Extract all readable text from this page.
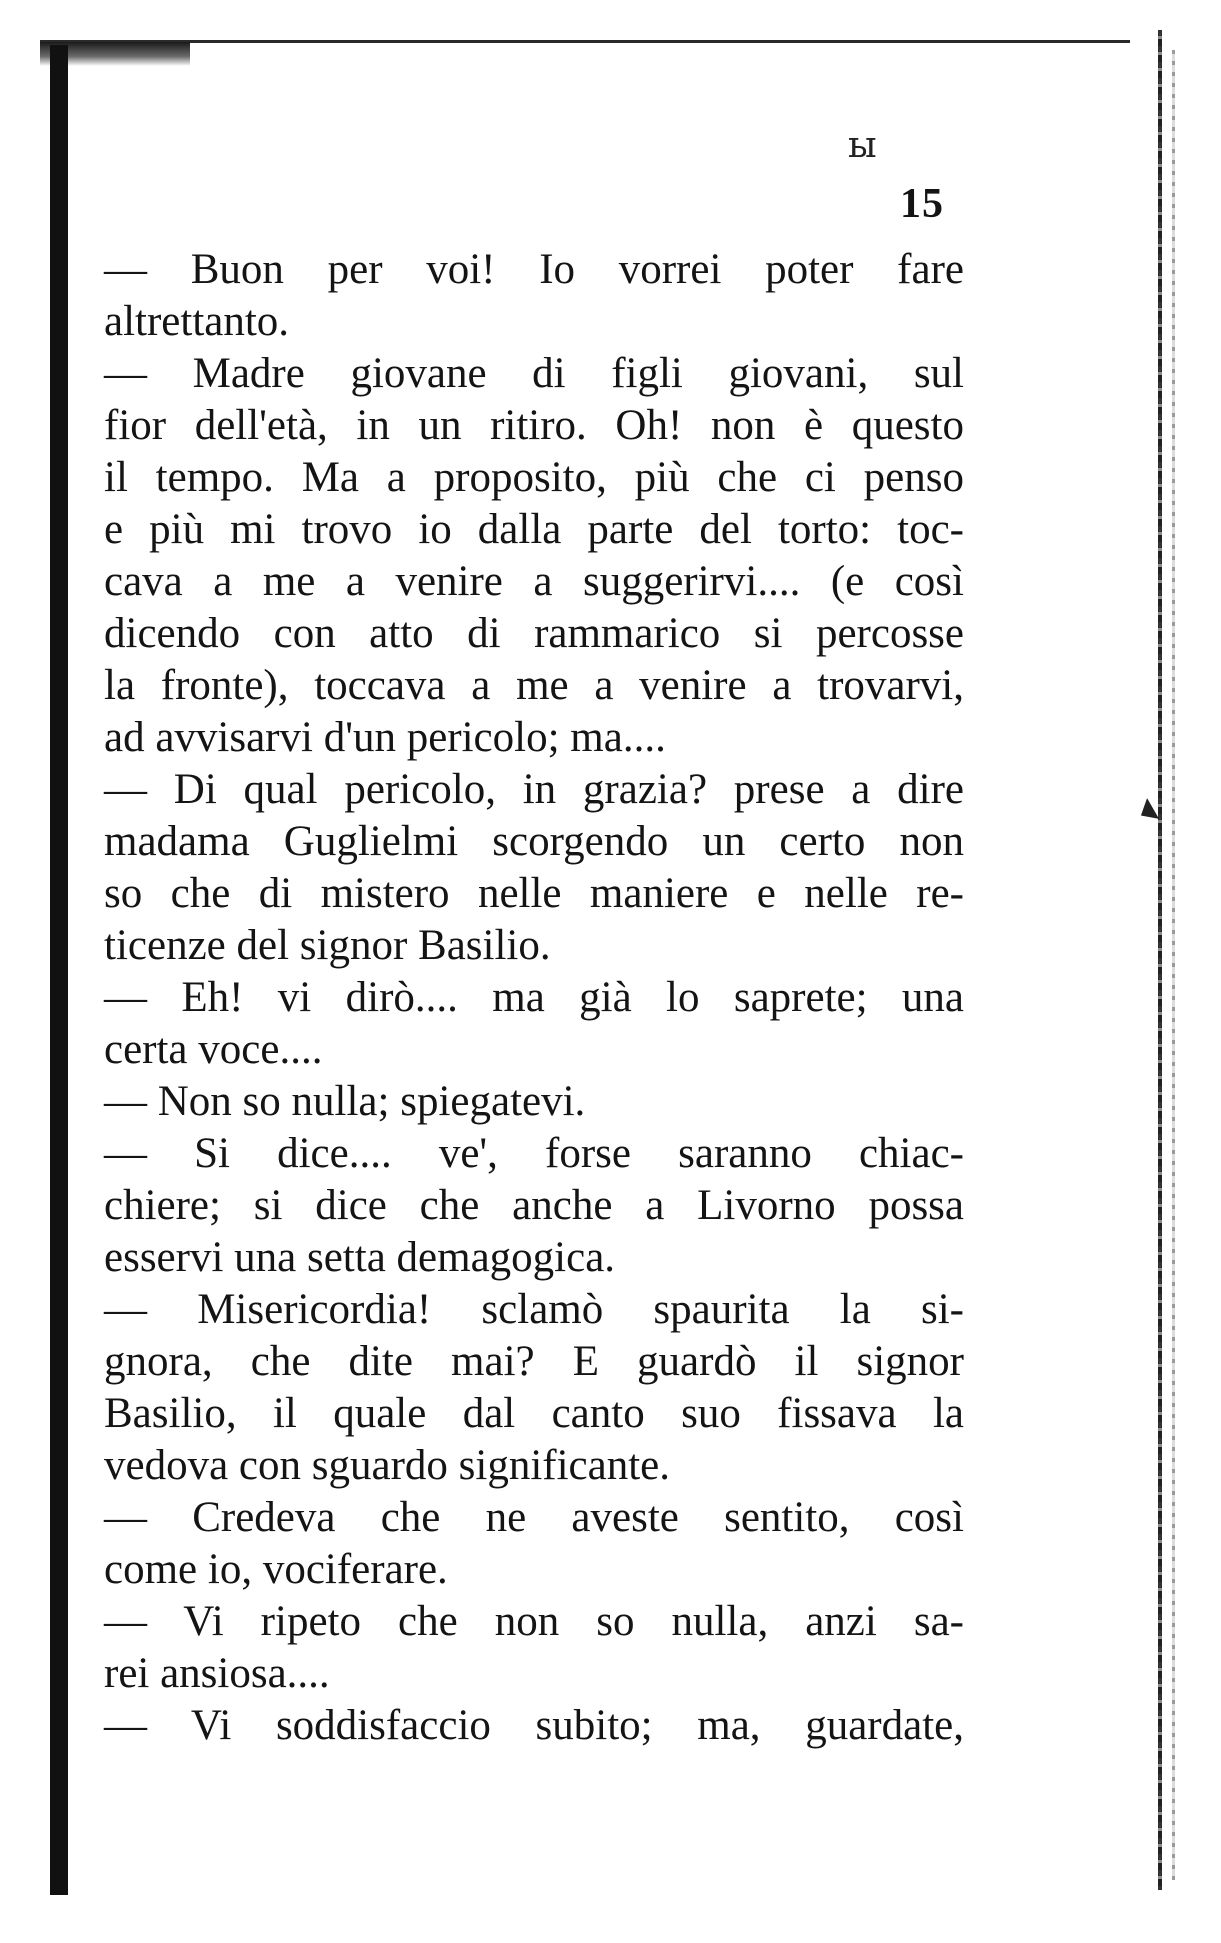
ы
15
— Buon per voi! Io vorrei poter fare
altrettanto.
— Madre giovane di figli giovani, sul
fior dell'età, in un ritiro. Oh! non è questo
il tempo. Ma a proposito, più che ci penso
e più mi trovo io dalla parte del torto: toc-
cava a me a venire a suggerirvi.... (e così
dicendo con atto di rammarico si percosse
la fronte), toccava a me a venire a trovarvi,
ad avvisarvi d'un pericolo; ma....
— Di qual pericolo, in grazia? prese a dire
madama Guglielmi scorgendo un certo non
so che di mistero nelle maniere e nelle re-
ticenze del signor Basilio.
— Eh! vi dirò.... ma già lo saprete; una
certa voce....
— Non so nulla; spiegatevi.
— Si dice.... ve', forse saranno chiac-
chiere; si dice che anche a Livorno possa
esservi una setta demagogica.
— Misericordia! sclamò spaurita la si-
gnora, che dite mai? E guardò il signor
Basilio, il quale dal canto suo fissava la
vedova con sguardo significante.
— Credeva che ne aveste sentito, così
come io, vociferare.
— Vi ripeto che non so nulla, anzi sa-
rei ansiosa....
— Vi soddisfaccio subito; ma, guardate,
